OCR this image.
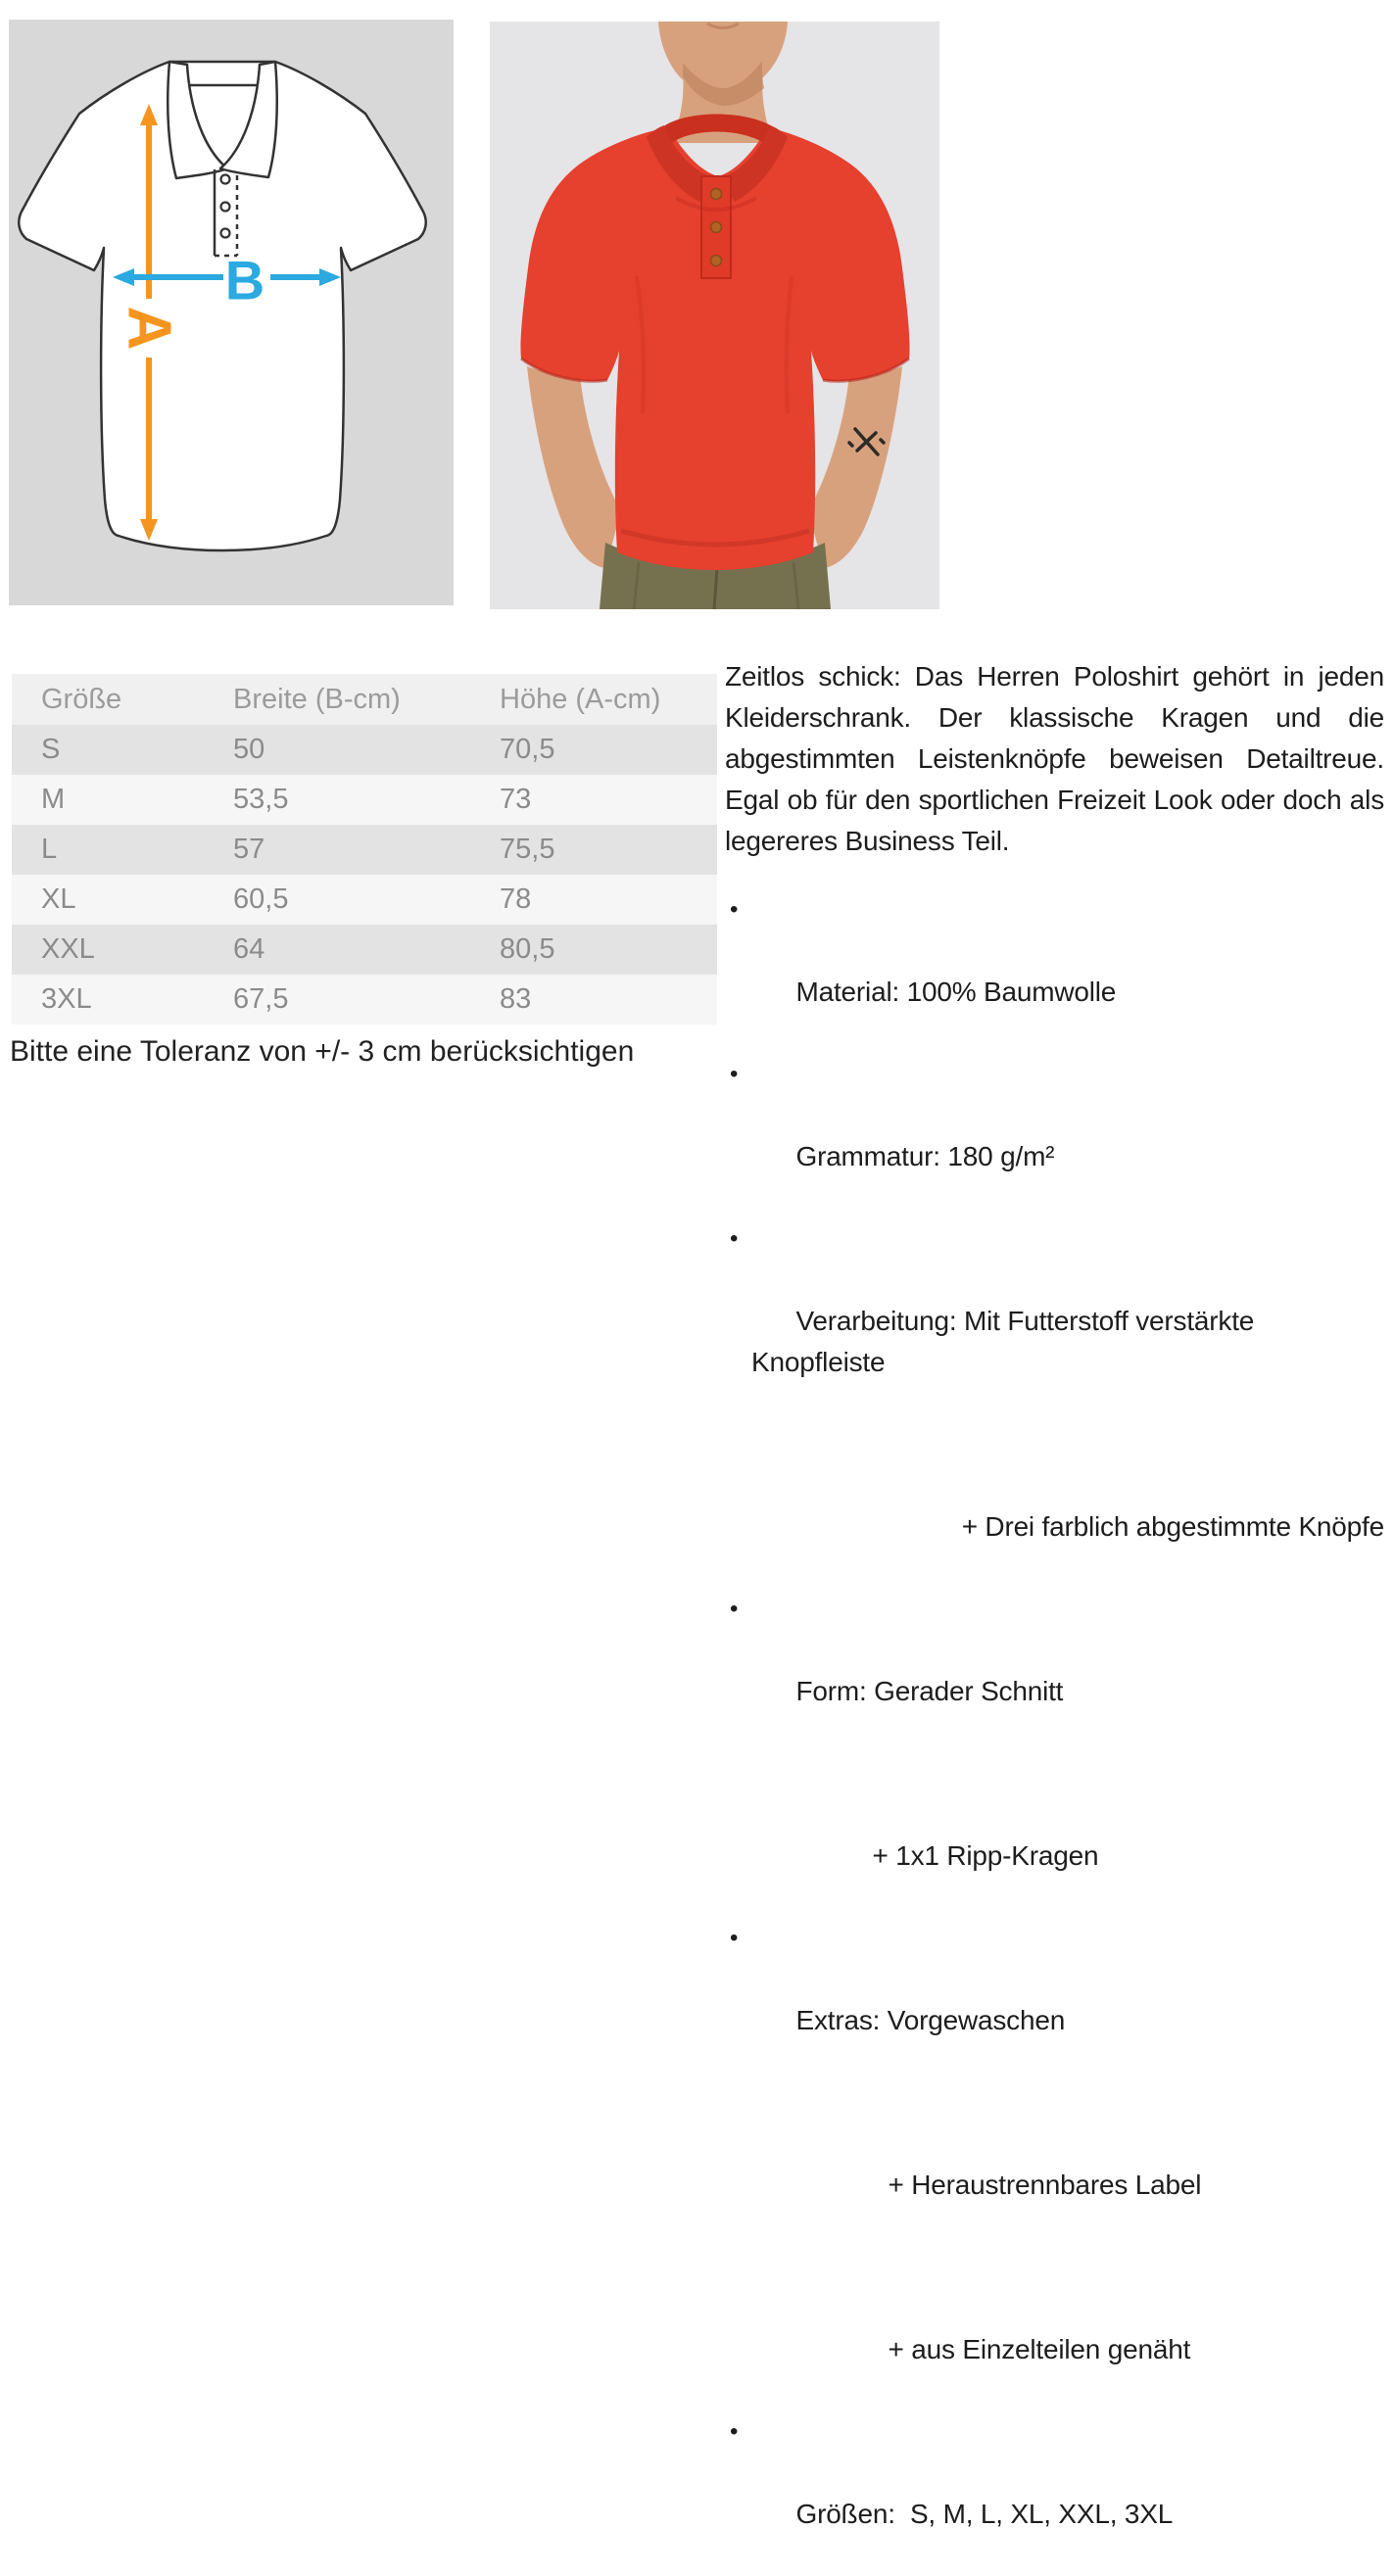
A
B
Größe	Breite (B-cm)	Höhe (A-cm)
S	50	70,5
M	53,5	73
L	57	75,5
XL	60,5	78
XXL	64	80,5
3XL	67,5	83

Bitte eine Toleranz von +/- 3 cm berücksichtigen

Zeitlos schick: Das Herren Poloshirt gehört in jeden Kleiderschrank. Der klassische Kragen und die abgestimmten Leistenknöpfe beweisen Detailtreue. Egal ob für den sportlichen Freizeit Look oder doch als legereres Business Teil.

•

Material: 100% Baumwolle

•

Grammatur: 180 g/m²

•

Verarbeitung: Mit Futterstoff verstärkte Knopfleiste

+ Drei farblich abgestimmte Knöpfe

•

Form: Gerader Schnitt

+ 1x1 Ripp-Kragen

•

Extras: Vorgewaschen

+ Heraustrennbares Label

+ aus Einzelteilen genäht

•

Größen:  S, M, L, XL, XXL, 3XL
